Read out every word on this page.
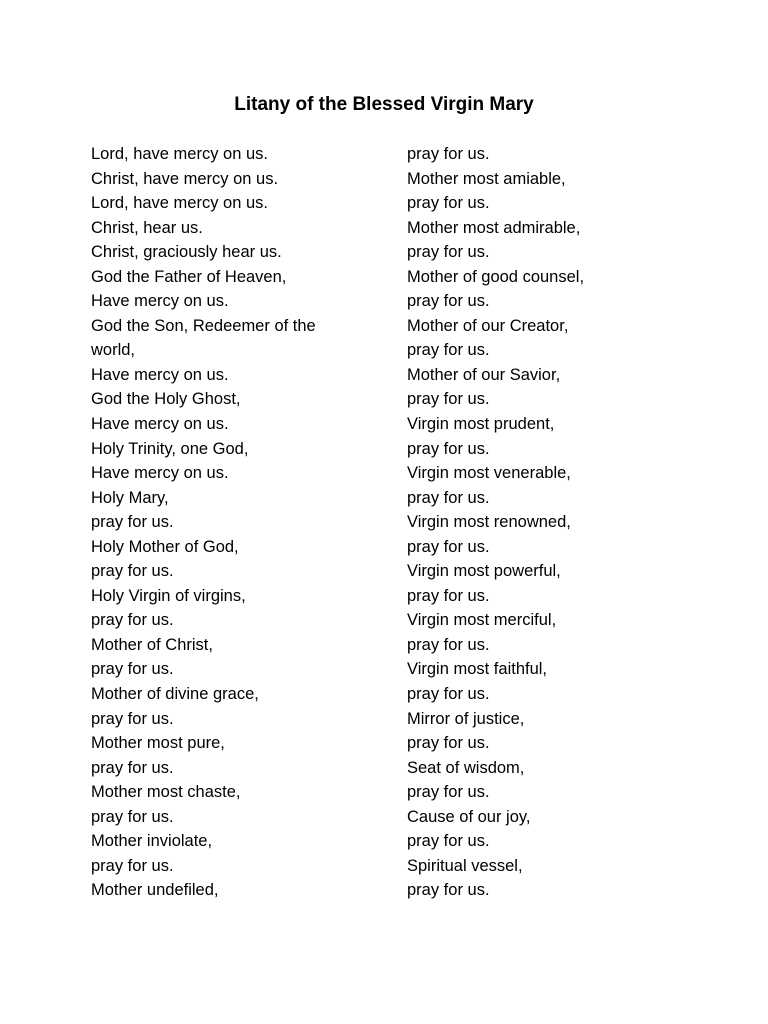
Litany of the Blessed Virgin Mary
Lord, have mercy on us.
Christ, have mercy on us.
Lord, have mercy on us.
Christ, hear us.
Christ, graciously hear us.
God the Father of Heaven,
Have mercy on us.
God the Son, Redeemer of the
world,
Have mercy on us.
God the Holy Ghost,
Have mercy on us.
Holy Trinity, one God,
Have mercy on us.
Holy Mary,
pray for us.
Holy Mother of God,
pray for us.
Holy Virgin of virgins,
pray for us.
Mother of Christ,
pray for us.
Mother of divine grace,
pray for us.
Mother most pure,
pray for us.
Mother most chaste,
pray for us.
Mother inviolate,
pray for us.
Mother undefiled,
pray for us.
Mother most amiable,
pray for us.
Mother most admirable,
pray for us.
Mother of good counsel,
pray for us.
Mother of our Creator,
pray for us.
Mother of our Savior,
pray for us.
Virgin most prudent,
pray for us.
Virgin most venerable,
pray for us.
Virgin most renowned,
pray for us.
Virgin most powerful,
pray for us.
Virgin most merciful,
pray for us.
Virgin most faithful,
pray for us.
Mirror of justice,
pray for us.
Seat of wisdom,
pray for us.
Cause of our joy,
pray for us.
Spiritual vessel,
pray for us.
